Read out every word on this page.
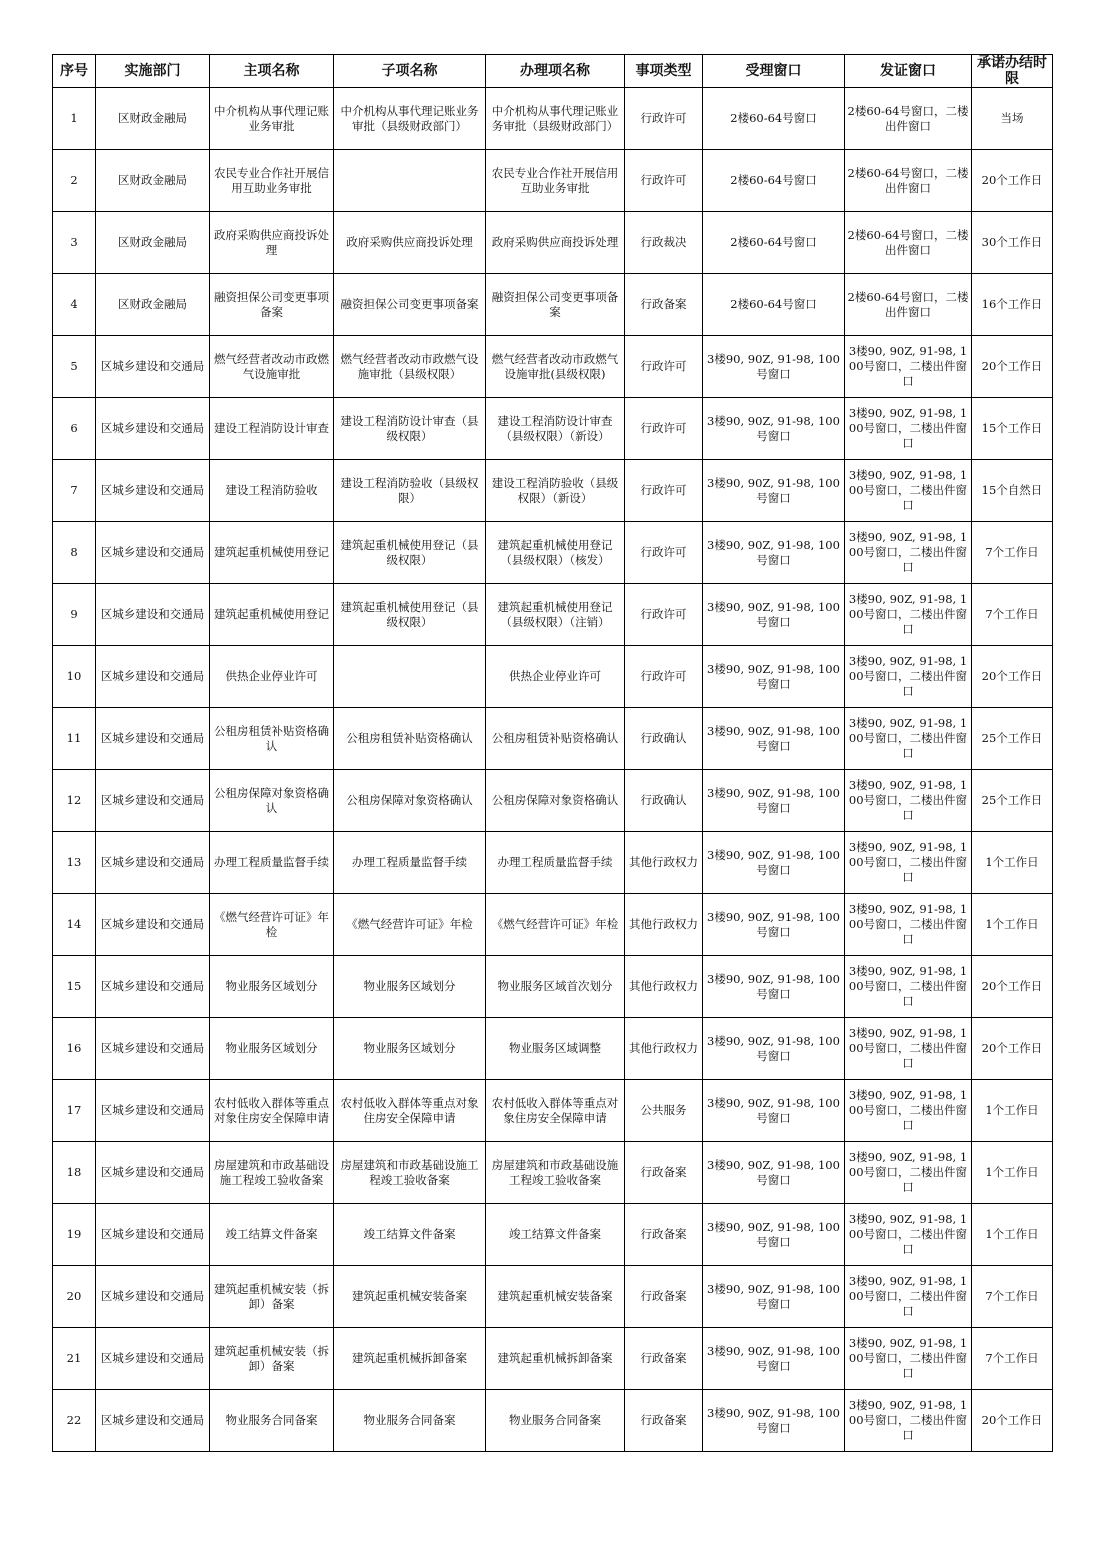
序号	实施部门	主项名称	子项名称	办理项名称	事项类型	受理窗口	发证窗口	承诺办结时限
1	区财政金融局	中介机构从事代理记账业务审批	中介机构从事代理记账业务审批（县级财政部门）	中介机构从事代理记账业务审批（县级财政部门）	行政许可	2楼60-64号窗口	2楼60-64号窗口，二楼出件窗口	当场
2	区财政金融局	农民专业合作社开展信用互助业务审批		农民专业合作社开展信用互助业务审批	行政许可	2楼60-64号窗口	2楼60-64号窗口，二楼出件窗口	20个工作日
3	区财政金融局	政府采购供应商投诉处理	政府采购供应商投诉处理	政府采购供应商投诉处理	行政裁决	2楼60-64号窗口	2楼60-64号窗口，二楼出件窗口	30个工作日
4	区财政金融局	融资担保公司变更事项备案	融资担保公司变更事项备案	融资担保公司变更事项备案	行政备案	2楼60-64号窗口	2楼60-64号窗口，二楼出件窗口	16个工作日
5	区城乡建设和交通局	燃气经营者改动市政燃气设施审批	燃气经营者改动市政燃气设施审批（县级权限）	燃气经营者改动市政燃气设施审批(县级权限)	行政许可	3楼90, 90Z, 91-98, 100号窗口	3楼90, 90Z, 91-98, 100号窗口，二楼出件窗口	20个工作日
6	区城乡建设和交通局	建设工程消防设计审查	建设工程消防设计审查（县级权限）	建设工程消防设计审查（县级权限）（新设）	行政许可	3楼90, 90Z, 91-98, 100号窗口	3楼90, 90Z, 91-98, 100号窗口，二楼出件窗口	15个工作日
7	区城乡建设和交通局	建设工程消防验收	建设工程消防验收（县级权限）	建设工程消防验收（县级权限）（新设）	行政许可	3楼90, 90Z, 91-98, 100号窗口	3楼90, 90Z, 91-98, 100号窗口，二楼出件窗口	15个自然日
8	区城乡建设和交通局	建筑起重机械使用登记	建筑起重机械使用登记（县级权限）	建筑起重机械使用登记（县级权限）（核发）	行政许可	3楼90, 90Z, 91-98, 100号窗口	3楼90, 90Z, 91-98, 100号窗口，二楼出件窗口	7个工作日
9	区城乡建设和交通局	建筑起重机械使用登记	建筑起重机械使用登记（县级权限）	建筑起重机械使用登记（县级权限）（注销）	行政许可	3楼90, 90Z, 91-98, 100号窗口	3楼90, 90Z, 91-98, 100号窗口，二楼出件窗口	7个工作日
10	区城乡建设和交通局	供热企业停业许可		供热企业停业许可	行政许可	3楼90, 90Z, 91-98, 100号窗口	3楼90, 90Z, 91-98, 100号窗口，二楼出件窗口	20个工作日
11	区城乡建设和交通局	公租房租赁补贴资格确认	公租房租赁补贴资格确认	公租房租赁补贴资格确认	行政确认	3楼90, 90Z, 91-98, 100号窗口	3楼90, 90Z, 91-98, 100号窗口，二楼出件窗口	25个工作日
12	区城乡建设和交通局	公租房保障对象资格确认	公租房保障对象资格确认	公租房保障对象资格确认	行政确认	3楼90, 90Z, 91-98, 100号窗口	3楼90, 90Z, 91-98, 100号窗口，二楼出件窗口	25个工作日
13	区城乡建设和交通局	办理工程质量监督手续	办理工程质量监督手续	办理工程质量监督手续	其他行政权力	3楼90, 90Z, 91-98, 100号窗口	3楼90, 90Z, 91-98, 100号窗口，二楼出件窗口	1个工作日
14	区城乡建设和交通局	《燃气经营许可证》年检	《燃气经营许可证》年检	《燃气经营许可证》年检	其他行政权力	3楼90, 90Z, 91-98, 100号窗口	3楼90, 90Z, 91-98, 100号窗口，二楼出件窗口	1个工作日
15	区城乡建设和交通局	物业服务区域划分	物业服务区域划分	物业服务区域首次划分	其他行政权力	3楼90, 90Z, 91-98, 100号窗口	3楼90, 90Z, 91-98, 100号窗口，二楼出件窗口	20个工作日
16	区城乡建设和交通局	物业服务区域划分	物业服务区域划分	物业服务区域调整	其他行政权力	3楼90, 90Z, 91-98, 100号窗口	3楼90, 90Z, 91-98, 100号窗口，二楼出件窗口	20个工作日
17	区城乡建设和交通局	农村低收入群体等重点对象住房安全保障申请	农村低收入群体等重点对象住房安全保障申请	农村低收入群体等重点对象住房安全保障申请	公共服务	3楼90, 90Z, 91-98, 100号窗口	3楼90, 90Z, 91-98, 100号窗口，二楼出件窗口	1个工作日
18	区城乡建设和交通局	房屋建筑和市政基础设施工程竣工验收备案	房屋建筑和市政基础设施工程竣工验收备案	房屋建筑和市政基础设施工程竣工验收备案	行政备案	3楼90, 90Z, 91-98, 100号窗口	3楼90, 90Z, 91-98, 100号窗口，二楼出件窗口	1个工作日
19	区城乡建设和交通局	竣工结算文件备案	竣工结算文件备案	竣工结算文件备案	行政备案	3楼90, 90Z, 91-98, 100号窗口	3楼90, 90Z, 91-98, 100号窗口，二楼出件窗口	1个工作日
20	区城乡建设和交通局	建筑起重机械安装（拆卸）备案	建筑起重机械安装备案	建筑起重机械安装备案	行政备案	3楼90, 90Z, 91-98, 100号窗口	3楼90, 90Z, 91-98, 100号窗口，二楼出件窗口	7个工作日
21	区城乡建设和交通局	建筑起重机械安装（拆卸）备案	建筑起重机械拆卸备案	建筑起重机械拆卸备案	行政备案	3楼90, 90Z, 91-98, 100号窗口	3楼90, 90Z, 91-98, 100号窗口，二楼出件窗口	7个工作日
22	区城乡建设和交通局	物业服务合同备案	物业服务合同备案	物业服务合同备案	行政备案	3楼90, 90Z, 91-98, 100号窗口	3楼90, 90Z, 91-98, 100号窗口，二楼出件窗口	20个工作日
